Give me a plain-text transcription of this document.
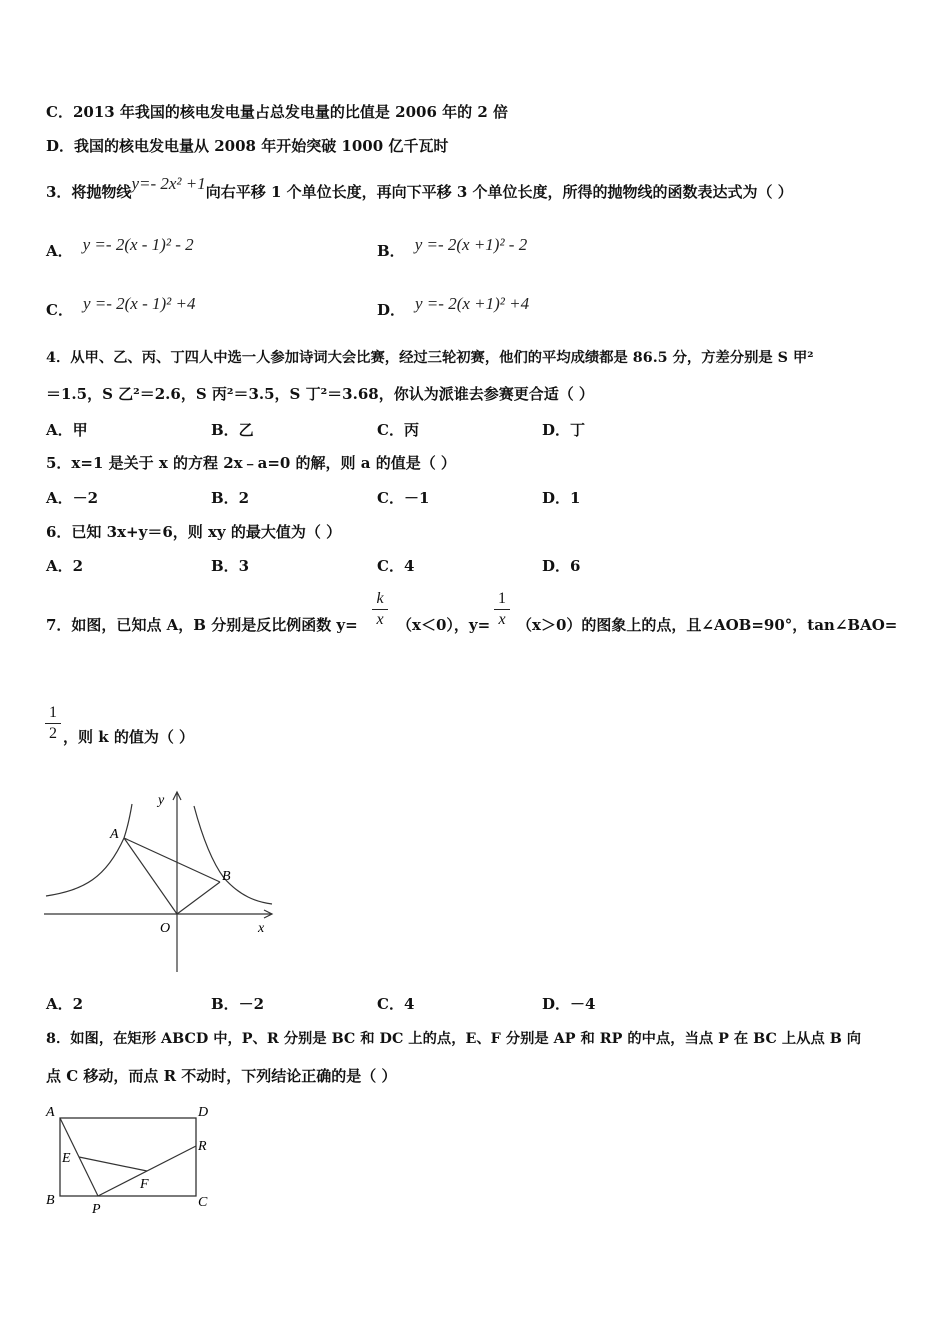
C．2013 年我国的核电发电量占总发电量的比值是 2006 年的 2 倍
D．我国的核电发电量从 2008 年开始突破 1000 亿千瓦时
3．将抛物线y=- 2x² +1向右平移 1 个单位长度，再向下平移 3 个单位长度，所得的抛物线的函数表达式为（ ）
A． y =- 2(x - 1)² - 2	B． y =- 2(x +1)² - 2
C． y =- 2(x - 1)² +4	D． y =- 2(x +1)² +4
4．从甲、乙、丙、丁四人中选一人参加诗词大会比赛，经过三轮初赛，他们的平均成绩都是 86.5 分，方差分别是 S 甲²
＝1.5，S 乙²＝2.6，S 丙²＝3.5，S 丁²＝3.68，你认为派谁去参赛更合适（ ）
A．甲	B．乙	C．丙	D．丁
5．x=1 是关于 x 的方程 2x﹣a=0 的解，则 a 的值是（ ）
A．－2	B．2	C．－1	D．1
6．已知 3x+y＝6，则 xy 的最大值为（ ）
A．2	B．3	C．4	D．6
7．如图，已知点 A，B 分别是反比例函数 y=
k
x （x＜0），y=
1
x （x＞0）的图象上的点，且∠AOB=90°，tan∠BAO=
1
2 ，则 k 的值为（ ）
A
B
O	x
y
A．2	B．－2	C．4	D．－4
8．如图，在矩形 ABCD 中，P、R 分别是 BC 和 DC 上的点，E、F 分别是 AP 和 RP 的中点，当点 P 在 BC 上从点 B 向
点 C 移动，而点 R 不动时，下列结论正确的是（ ）
A	D
B	C
E
F
P
R
